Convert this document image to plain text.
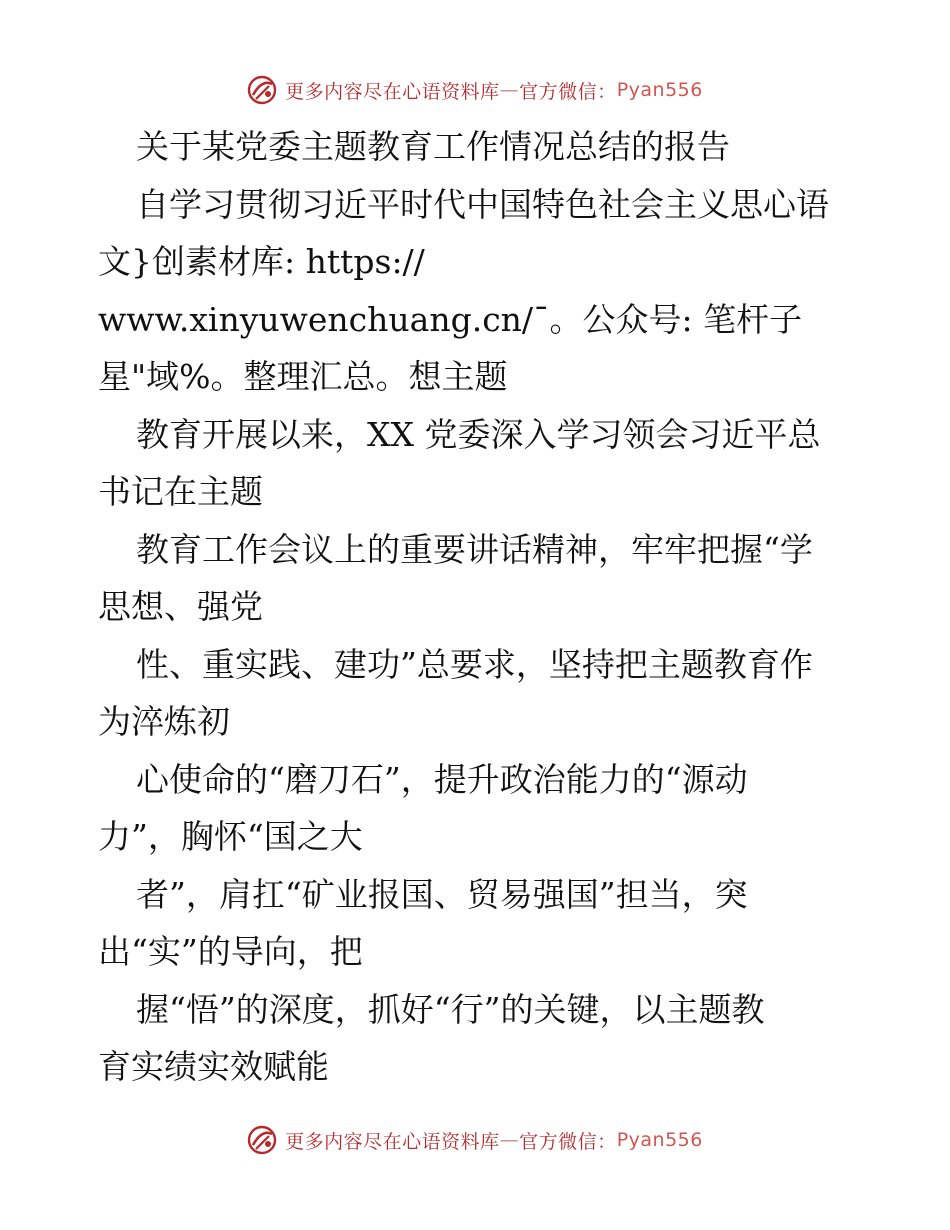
更多内容尽在心语资料库 — 官方微信： Pyan556
关于某党委主题教育工作情况总结的报告
自学习贯彻习近平时代中国特色社会主义思心语
文}创素材库: https://
www.xinyuwenchuang.cn/¯。公众号: 笔杆子
星"域%。整理汇总。想主题
教育开展以来，XX 党委深入学习领会习近平总
书记在主题
教育工作会议上的重要讲话精神，牢牢把握“学
思想、强党
性、重实践、建功”总要求，坚持把主题教育作
为淬炼初
心使命的“磨刀石”，提升政治能力的“源动
力”，胸怀“国之大
者”，肩扛“矿业报国、贸易强国”担当，突
出“实”的导向，把
握“悟”的深度，抓好“行”的关键，以主题教
育实绩实效赋能
更多内容尽在心语资料库 — 官方微信： Pyan556
